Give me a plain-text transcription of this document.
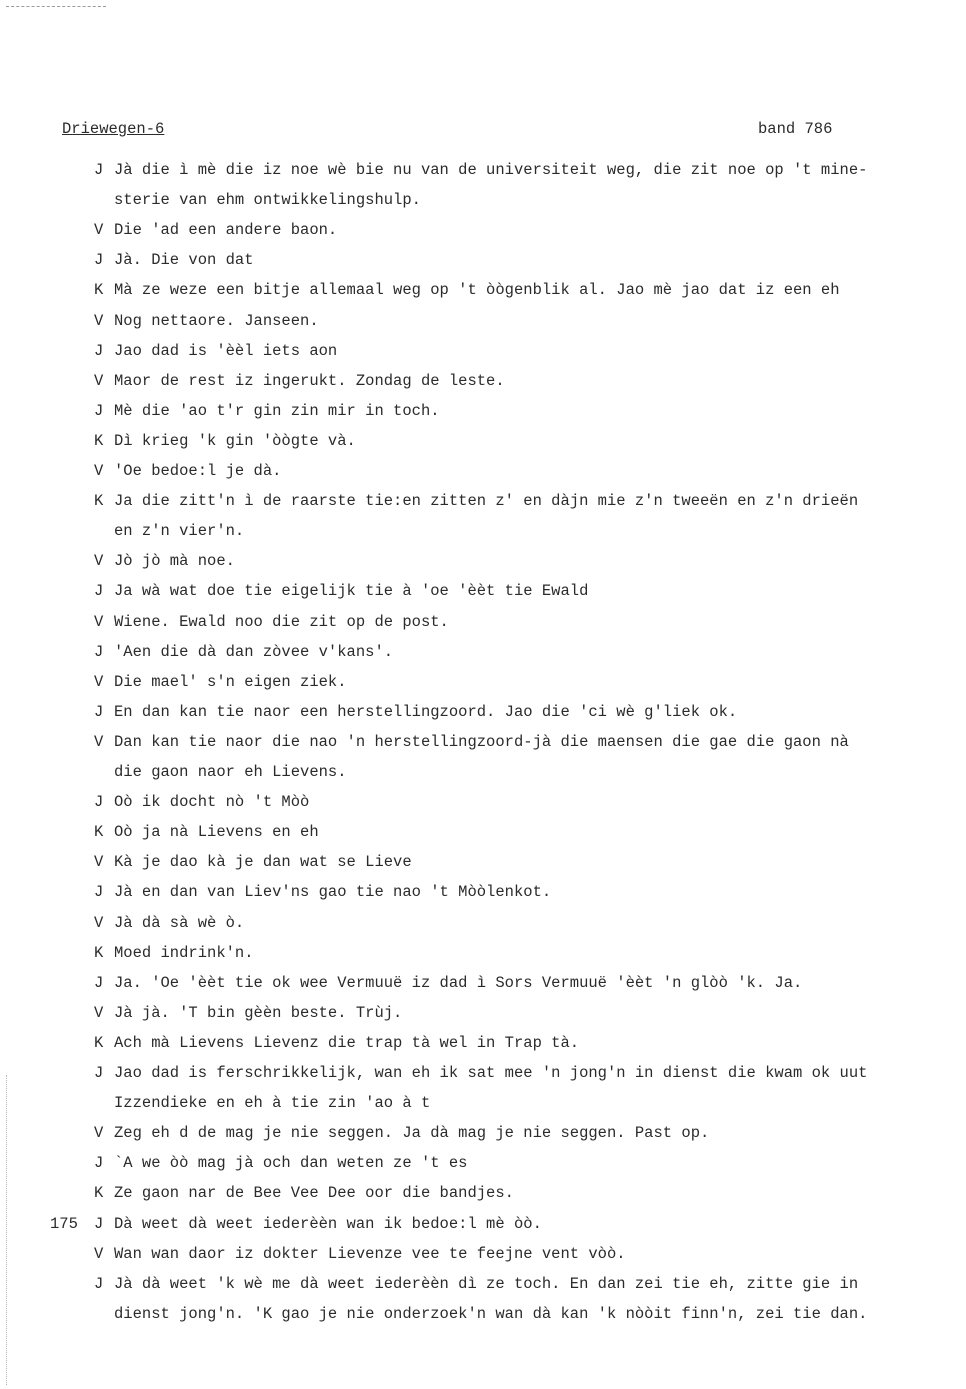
Driewegen-6	band 786
J Jà die ì mè die iz noe wè bie nu van de universiteit weg, die zit noe op 't mine-
sterie van ehm ontwikkelingshulp.
V Die 'ad een andere baon.
J Jà. Die von dat
K Mà ze weze een bitje allemaal weg op 't òògenblik al. Jao mè jao dat iz een eh
V Nog nettaore. Janseen.
J Jao dad is 'èèl iets aon
V Maor de rest iz ingerukt. Zondag de leste.
J Mè die 'ao t'r gin zin mir in toch.
K Dì krieg 'k gin 'òògte và.
V 'Oe bedoe:l je dà.
K Ja die zitt'n ì de raarste tie:en zitten z' en dàjn mie z'n tweeën en z'n drieën
en z'n vier'n.
V Jò jò mà noe.
J Ja wà wat doe tie eigelijk tie à 'oe 'èèt tie Ewald
V Wiene. Ewald noo die zit op de post.
J 'Aen die dà dan zòvee v'kans'.
V Die mael' s'n eigen ziek.
J En dan kan tie naor een herstellingzoord. Jao die 'ci wè g'liek ok.
V Dan kan tie naor die nao 'n herstellingzoord-jà die maensen die gae die gaon nà
die gaon naor eh Lievens.
J Oò ik docht nò 't Mòò
K Oò ja nà Lievens en eh
V Kà je dao kà je dan wat se Lieve
J Jà en dan van Liev'ns gao tie nao 't Mòòlenkot.
V Jà dà sà wè ò.
K Moed indrink'n.
J Ja. 'Oe 'èèt tie ok wee Vermuuë iz dad ì Sors Vermuuë 'èèt 'n glòò 'k. Ja.
V Jà jà. 'T bin gèèn beste. Trùj.
K Ach mà Lievens Lievenz die trap tà wel in Trap tà.
J Jao dad is ferschrikkelijk, wan eh ik sat mee 'n jong'n in dienst die kwam ok uut
Izzendieke en eh à tie zin 'ao à t
V Zeg eh d de mag je nie seggen. Ja dà mag je nie seggen. Past op.
J `A we òò mag jà och dan weten ze 't es
K Ze gaon nar de Bee Vee Dee oor die bandjes.
175 J Dà weet dà weet iederèèn wan ik bedoe:l mè òò.
V Wan wan daor iz dokter Lievenze vee te feejne vent vòò.
J Jà dà weet 'k wè me dà weet iederèèn dì ze toch. En dan zei tie eh, zitte gie in
dienst jong'n. 'K gao je nie onderzoek'n wan dà kan 'k nòòit finn'n, zei tie dan.
